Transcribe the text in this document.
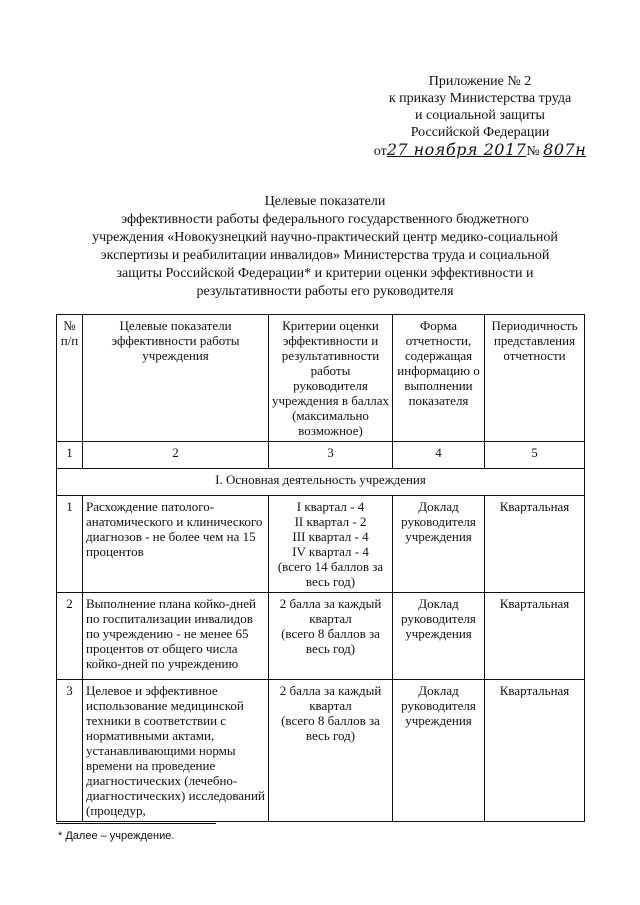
Приложение № 2
к приказу Министерства труда
и социальной защиты
Российской Федерации
от27 ноября 2017№ 807н
Целевые показатели
эффективности работы федерального государственного бюджетного
учреждения «Новокузнецкий научно-практический центр медико-социальной
экспертизы и реабилитации инвалидов» Министерства труда и социальной
защиты Российской Федерации* и критерии оценки эффективности и
результативности работы его руководителя
№ п/п	Целевые показатели эффективности работы учреждения	Критерии оценки эффективности и результативности работы руководителя учреждения в баллах (максимально возможное)	Форма отчетности, содержащая информацию о выполнении показателя	Периодичность представления отчетности
1	2	3	4	5
I. Основная деятельность учреждения				
1	Расхождение патолого-анатомического и клинического диагнозов - не более чем на 15 процентов	I квартал - 4
II квартал - 2
III квартал - 4
IV квартал - 4
(всего 14 баллов за весь год)	Доклад руководителя учреждения	Квартальная
2	Выполнение плана койко-дней по госпитализации инвалидов по учреждению - не менее 65 процентов от общего числа койко-дней по учреждению	2 балла за каждый квартал
(всего 8 баллов за весь год)	Доклад руководителя учреждения	Квартальная
3	Целевое и эффективное использование медицинской техники в соответствии с нормативными актами, устанавливающими нормы времени на проведение диагностических (лечебно-диагностических) исследований (процедур,	2 балла за каждый квартал
(всего 8 баллов за весь год)	Доклад руководителя учреждения	Квартальная
* Далее – учреждение.
